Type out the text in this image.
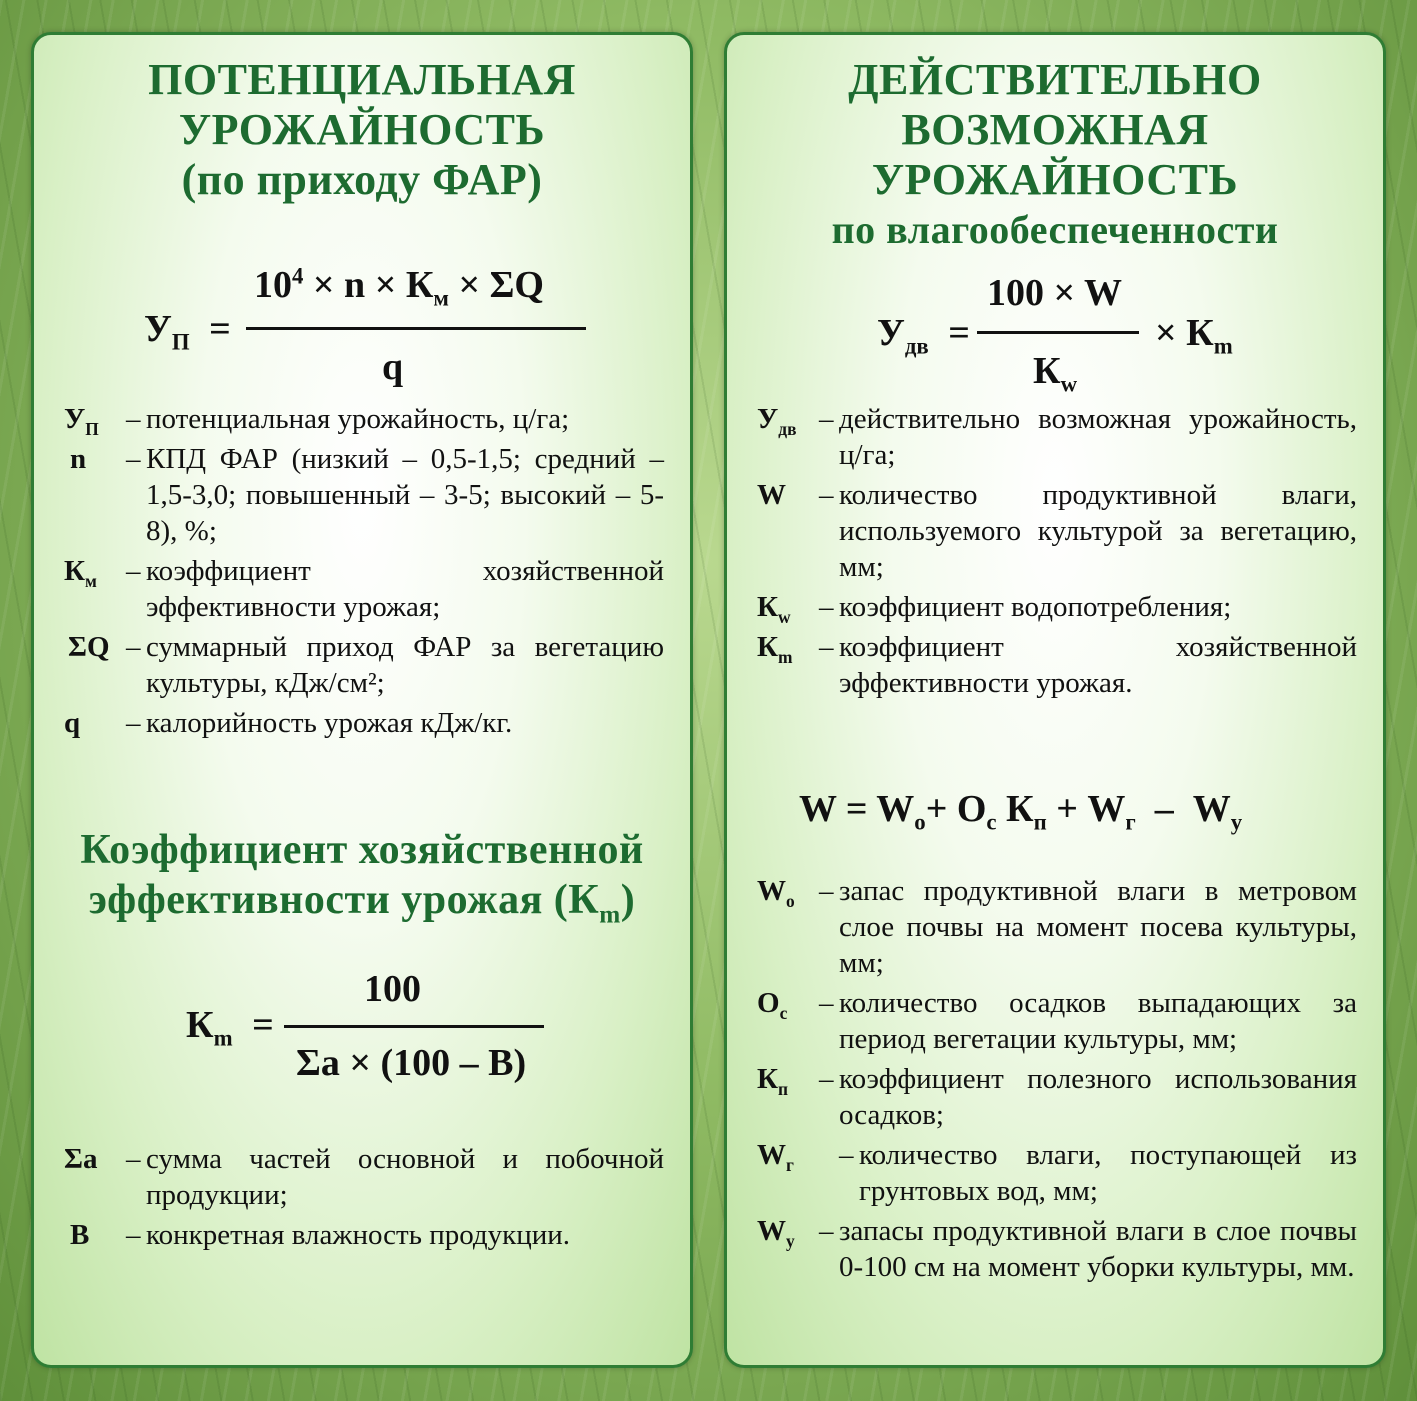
ПОТЕНЦИАЛЬНАЯ
УРОЖАЙНОСТЬ
(по приходу ФАР)
$У_П$ =
$10^4 \times n \times К_м \times \Sigma Q$
q
$У_П$ – потенциальная урожайность, ц/га;
n – КПД ФАР (низкий – 0,5-1,5; средний – 1,5-3,0; повышенный – 3-5; высокий – 5-8), %;
$К_м$ – коэффициент хозяйственной эффективности урожая;
ΣQ – суммарный приход ФАР за вегетацию культуры, кДж/см²;
q – калорийность урожая кДж/кг.
Коэффициент хозяйственной
эффективности урожая $(К_m)$
$К_m$ =
100
Σa × (100 – В)
Σa – сумма частей основной и побочной продукции;
В – конкретная влажность продукции.
ДЕЙСТВИТЕЛЬНО
ВОЗМОЖНАЯ
УРОЖАЙНОСТЬ
по влагообеспеченности
$У_{дв}$ =
100 × W
$К_w$
× $К_m$
$У_{дв}$ – действительно возможная урожайность, ц/га;
W – количество продуктивной влаги, используемого культурой за вегетацию, мм;
$К_w$ – коэффициент водопотребления;
$К_m$ – коэффициент хозяйственной эффективности урожая.
$W = W_о+ О_с$ $К_п + W_г - W_у$
$W_о$ – запас продуктивной влаги в метровом слое почвы на момент посева культуры, мм;
$О_с$ – количество осадков выпадающих за период вегетации культуры, мм;
$К_п$ – коэффициент полезного использования осадков;
$W_г$ – количество влаги, поступающей из грунтовых вод, мм;
$W_у$ – запасы продуктивной влаги в слое почвы 0-100 см на момент уборки культуры, мм.
